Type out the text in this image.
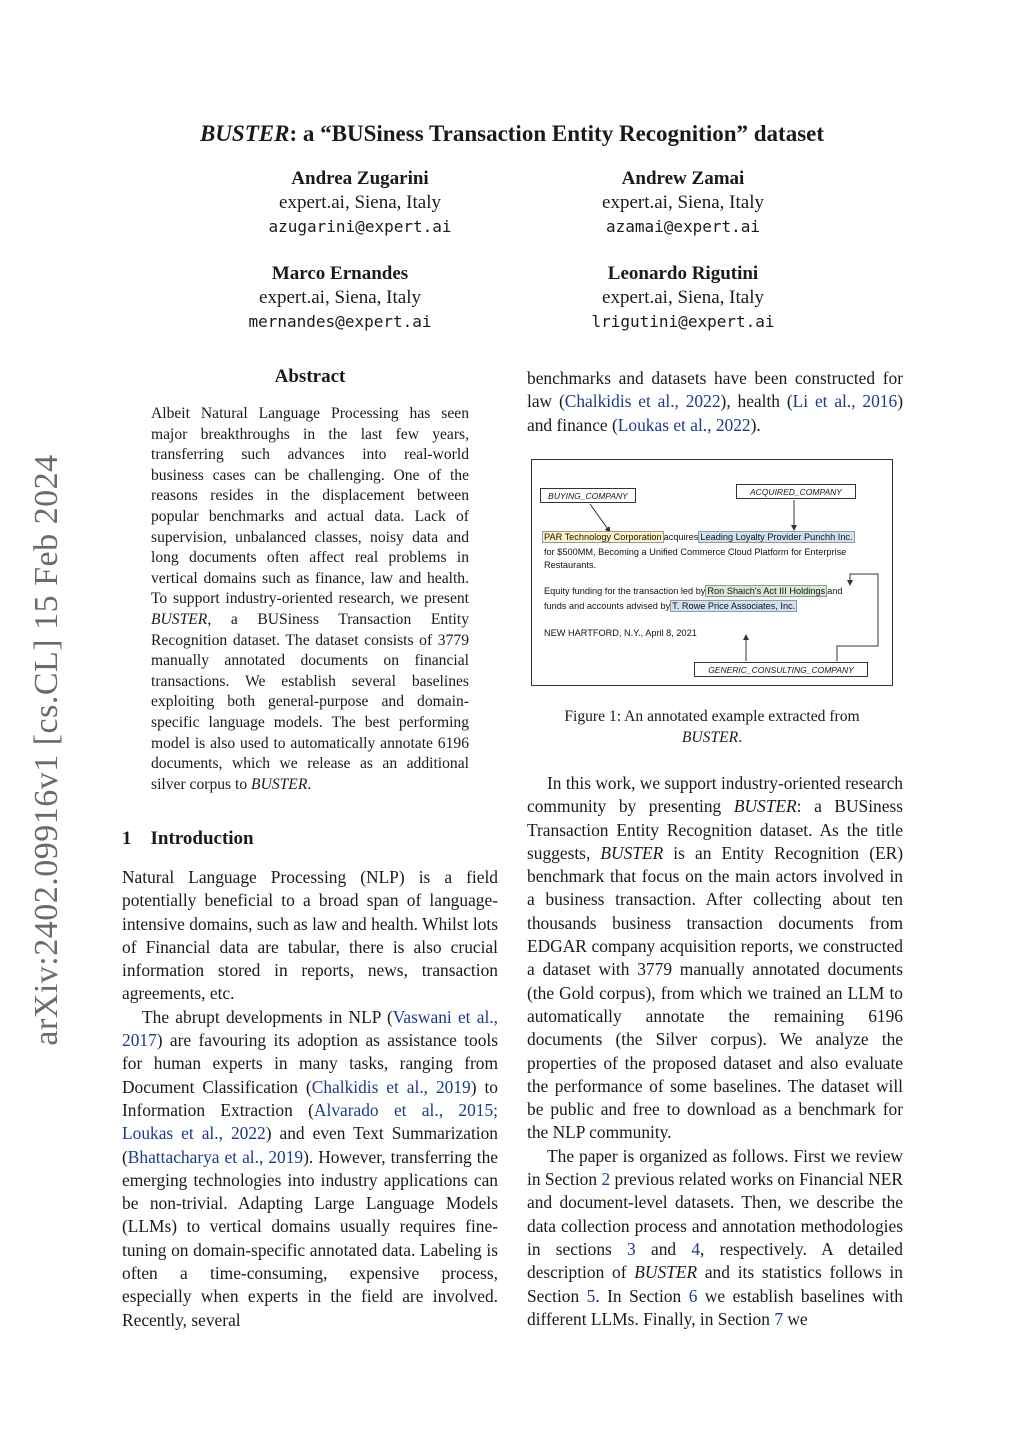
arXiv:2402.09916v1 [cs.CL] 15 Feb 2024
BUSTER: a “BUSiness Transaction Entity Recognition” dataset
Andrea Zugarini
expert.ai, Siena, Italy
azugarini@expert.ai
Andrew Zamai
expert.ai, Siena, Italy
azamai@expert.ai
Marco Ernandes
expert.ai, Siena, Italy
mernandes@expert.ai
Leonardo Rigutini
expert.ai, Siena, Italy
lrigutini@expert.ai
Abstract
Albeit Natural Language Processing has seen major breakthroughs in the last few years, transferring such advances into real-world business cases can be challenging. One of the reasons resides in the displacement between popular benchmarks and actual data. Lack of supervision, unbalanced classes, noisy data and long documents often affect real problems in vertical domains such as finance, law and health. To support industry-oriented research, we present BUSTER, a BUSiness Transaction Entity Recognition dataset. The dataset consists of 3779 manually annotated documents on financial transactions. We establish several baselines exploiting both general-purpose and domain-specific language models. The best performing model is also used to automatically annotate 6196 documents, which we release as an additional silver corpus to BUSTER.
1 Introduction

Natural Language Processing (NLP) is a field potentially beneficial to a broad span of language-intensive domains, such as law and health. Whilst lots of Financial data are tabular, there is also crucial information stored in reports, news, transaction agreements, etc.

The abrupt developments in NLP (Vaswani et al., 2017) are favouring its adoption as assistance tools for human experts in many tasks, ranging from Document Classification (Chalkidis et al., 2019) to Information Extraction (Alvarado et al., 2015; Loukas et al., 2022) and even Text Summarization (Bhattacharya et al., 2019). However, transferring the emerging technologies into industry applications can be non-trivial. Adapting Large Language Models (LLMs) to vertical domains usually requires fine-tuning on domain-specific annotated data. Labeling is often a time-consuming, expensive process, especially when experts in the field are involved. Recently, several

benchmarks and datasets have been constructed for law (Chalkidis et al., 2022), health (Li et al., 2016) and finance (Loukas et al., 2022).

BUYING_COMPANY	ACQUIRED_COMPANY
PAR Technology Corporation acquires Leading Loyalty Provider Punchh Inc.
for $500MM, Becoming a Unified Commerce Cloud Platform for Enterprise
Restaurants.
Equity funding for the transaction led by Ron Shaich's Act III Holdings and
funds and accounts advised by T. Rowe Price Associates, Inc.
NEW HARTFORD, N.Y., April 8, 2021
GENERIC_CONSULTING_COMPANY
Figure 1: An annotated example extracted from
BUSTER.

In this work, we support industry-oriented research community by presenting BUSTER: a BUSiness Transaction Entity Recognition dataset. As the title suggests, BUSTER is an Entity Recognition (ER) benchmark that focus on the main actors involved in a business transaction. After collecting about ten thousands business transaction documents from EDGAR company acquisition reports, we constructed a dataset with 3779 manually annotated documents (the Gold corpus), from which we trained an LLM to automatically annotate the remaining 6196 documents (the Silver corpus). We analyze the properties of the proposed dataset and also evaluate the performance of some baselines. The dataset will be public and free to download as a benchmark for the NLP community.

The paper is organized as follows. First we review in Section 2 previous related works on Financial NER and document-level datasets. Then, we describe the data collection process and annotation methodologies in sections 3 and 4, respectively. A detailed description of BUSTER and its statistics follows in Section 5. In Section 6 we establish baselines with different LLMs. Finally, in Section 7 we
